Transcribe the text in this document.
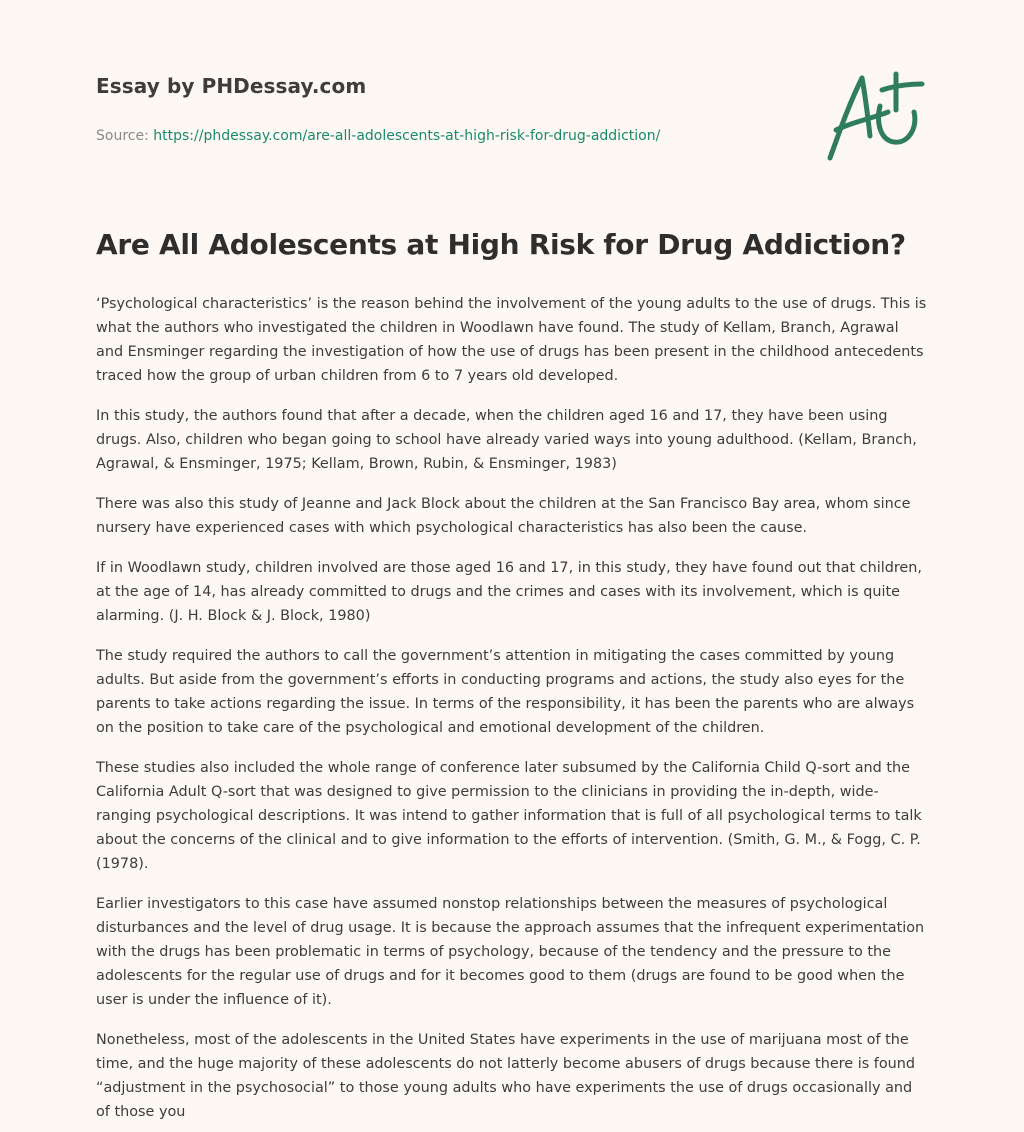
Essay by PHDessay.com
Source: https://phdessay.com/are-all-adolescents-at-high-risk-for-drug-addiction/
Are All Adolescents at High Risk for Drug Addiction?

‘Psychological characteristics’ is the reason behind the involvement of the young adults to the use of drugs. This is what the authors who investigated the children in Woodlawn have found. The study of Kellam, Branch, Agrawal and Ensminger regarding the investigation of how the use of drugs has been present in the childhood antecedents traced how the group of urban children from 6 to 7 years old developed.

In this study, the authors found that after a decade, when the children aged 16 and 17, they have been using drugs. Also, children who began going to school have already varied ways into young adulthood. (Kellam, Branch, Agrawal, & Ensminger, 1975; Kellam, Brown, Rubin, & Ensminger, 1983)

There was also this study of Jeanne and Jack Block about the children at the San Francisco Bay area, whom since nursery have experienced cases with which psychological characteristics has also been the cause.

If in Woodlawn study, children involved are those aged 16 and 17, in this study, they have found out that children, at the age of 14, has already committed to drugs and the crimes and cases with its involvement, which is quite alarming. (J. H. Block & J. Block, 1980)

The study required the authors to call the government’s attention in mitigating the cases committed by young adults. But aside from the government’s efforts in conducting programs and actions, the study also eyes for the parents to take actions regarding the issue. In terms of the responsibility, it has been the parents who are always on the position to take care of the psychological and emotional development of the children.

These studies also included the whole range of conference later subsumed by the California Child Q-sort and the California Adult Q-sort that was designed to give permission to the clinicians in providing the in-depth, wide-ranging psychological descriptions. It was intend to gather information that is full of all psychological terms to talk about the concerns of the clinical and to give information to the efforts of intervention. (Smith, G. M., & Fogg, C. P. (1978).

Earlier investigators to this case have assumed nonstop relationships between the measures of psychological disturbances and the level of drug usage. It is because the approach assumes that the infrequent experimentation with the drugs has been problematic in terms of psychology, because of the tendency and the pressure to the adolescents for the regular use of drugs and for it becomes good to them (drugs are found to be good when the user is under the influence of it).

Nonetheless, most of the adolescents in the United States have experiments in the use of marijuana most of the time, and the huge majority of these adolescents do not latterly become abusers of drugs because there is found “adjustment in the psychosocial” to those young adults who have experiments the use of drugs occasionally and of those you
